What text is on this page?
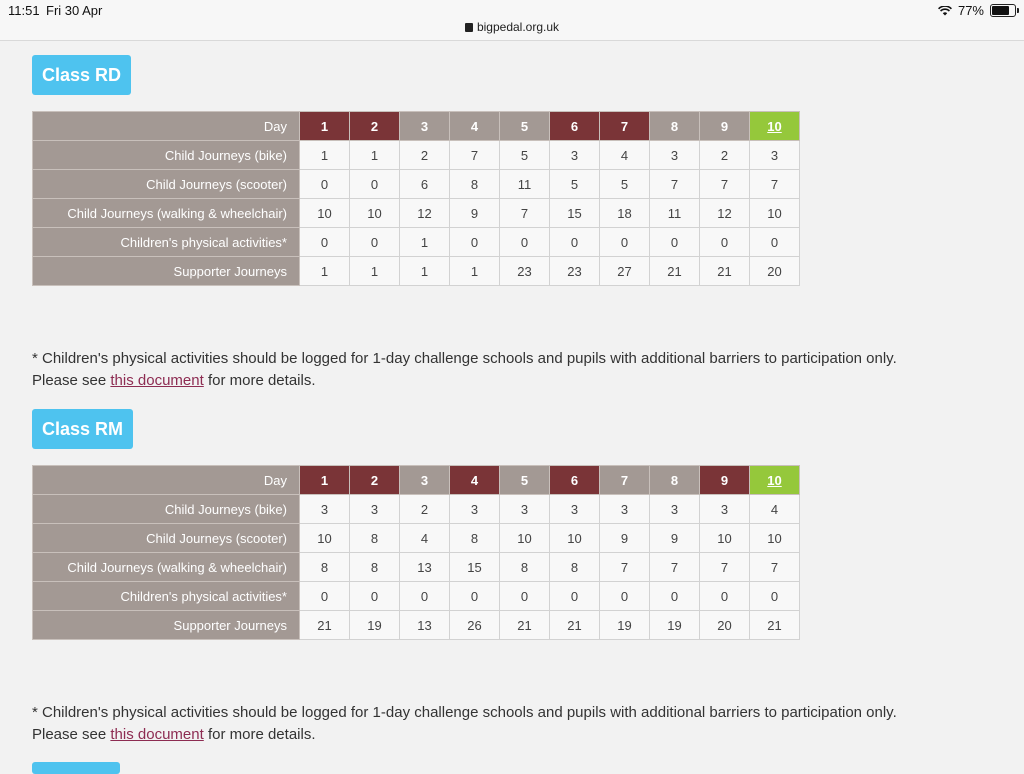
11:51 Fri 30 Apr
bigpedal.org.uk
77%
Class RD
Day	1	2	3	4	5	6	7	8	9	10
Child Journeys (bike)	1	1	2	7	5	3	4	3	2	3
Child Journeys (scooter)	0	0	6	8	11	5	5	7	7	7
Child Journeys (walking & wheelchair)	10	10	12	9	7	15	18	11	12	10
Children's physical activities*	0	0	1	0	0	0	0	0	0	0
Supporter Journeys	1	1	1	1	23	23	27	21	21	20
* Children's physical activities should be logged for 1-day challenge schools and pupils with additional barriers to participation only.
Please see this document for more details.
Class RM
Day	1	2	3	4	5	6	7	8	9	10
Child Journeys (bike)	3	3	2	3	3	3	3	3	3	4
Child Journeys (scooter)	10	8	4	8	10	10	9	9	10	10
Child Journeys (walking & wheelchair)	8	8	13	15	8	8	7	7	7	7
Children's physical activities*	0	0	0	0	0	0	0	0	0	0
Supporter Journeys	21	19	13	26	21	21	19	19	20	21
* Children's physical activities should be logged for 1-day challenge schools and pupils with additional barriers to participation only.
Please see this document for more details.
